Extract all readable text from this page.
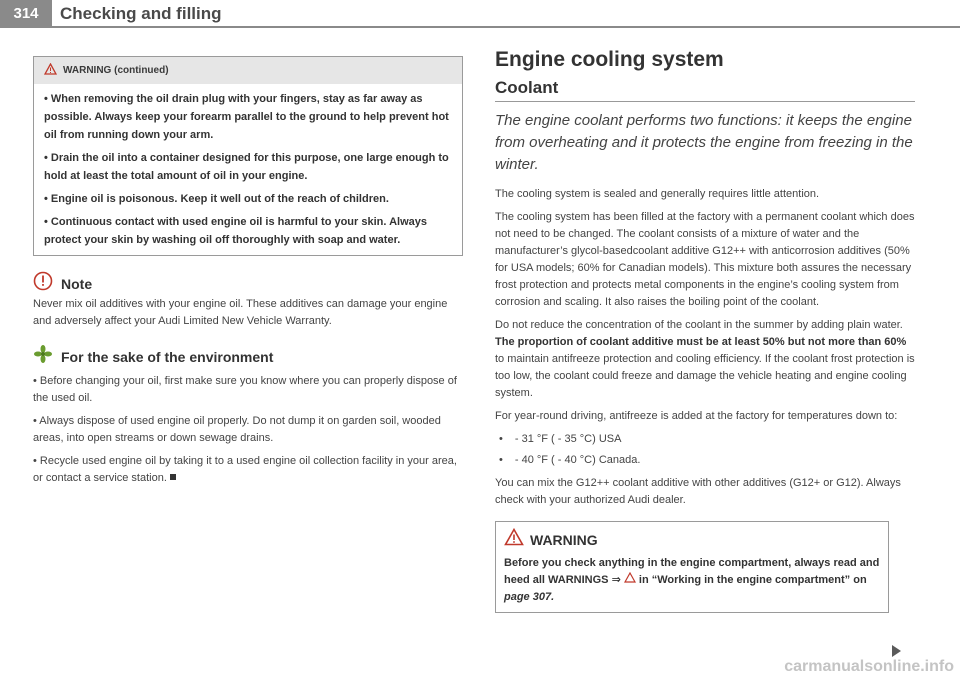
314	Checking and filling
WARNING (continued)

• When removing the oil drain plug with your fingers, stay as far away as possible. Always keep your forearm parallel to the ground to help prevent hot oil from running down your arm.

• Drain the oil into a container designed for this purpose, one large enough to hold at least the total amount of oil in your engine.

• Engine oil is poisonous. Keep it well out of the reach of children.

• Continuous contact with used engine oil is harmful to your skin. Always protect your skin by washing oil off thoroughly with soap and water.

Note

Never mix oil additives with your engine oil. These additives can damage your engine and adversely affect your Audi Limited New Vehicle Warranty.

For the sake of the environment

• Before changing your oil, first make sure you know where you can properly dispose of the used oil.

• Always dispose of used engine oil properly. Do not dump it on garden soil, wooded areas, into open streams or down sewage drains.

• Recycle used engine oil by taking it to a used engine oil collection facility in your area, or contact a service station.

Engine cooling system
Coolant

The engine coolant performs two functions: it keeps the engine from overheating and it protects the engine from freezing in the winter.

The cooling system is sealed and generally requires little attention.

The cooling system has been filled at the factory with a permanent coolant which does not need to be changed. The coolant consists of a mixture of water and the manufacturer’s glycol-basedcoolant additive G12++ with anticorrosion additives (50% for USA models; 60% for Canadian models). This mixture both assures the necessary frost protection and protects metal components in the engine’s cooling system from corrosion and scaling. It also raises the boiling point of the coolant.

Do not reduce the concentration of the coolant in the summer by adding plain water. The proportion of coolant additive must be at least 50% but not more than 60% to maintain antifreeze protection and cooling efficiency. If the coolant frost protection is too low, the coolant could freeze and damage the vehicle heating and engine cooling system.

For year-round driving, antifreeze is added at the factory for temperatures down to:

• - 31 °F ( - 35 °C) USA
• - 40 °F ( - 40 °C) Canada.

You can mix the G12++ coolant additive with other additives (G12+ or G12). Always check with your authorized Audi dealer.

WARNING
Before you check anything in the engine compartment, always read and heed all WARNINGS ⇒  in “Working in the engine compartment” on page 307.
carmanualsonline.info
